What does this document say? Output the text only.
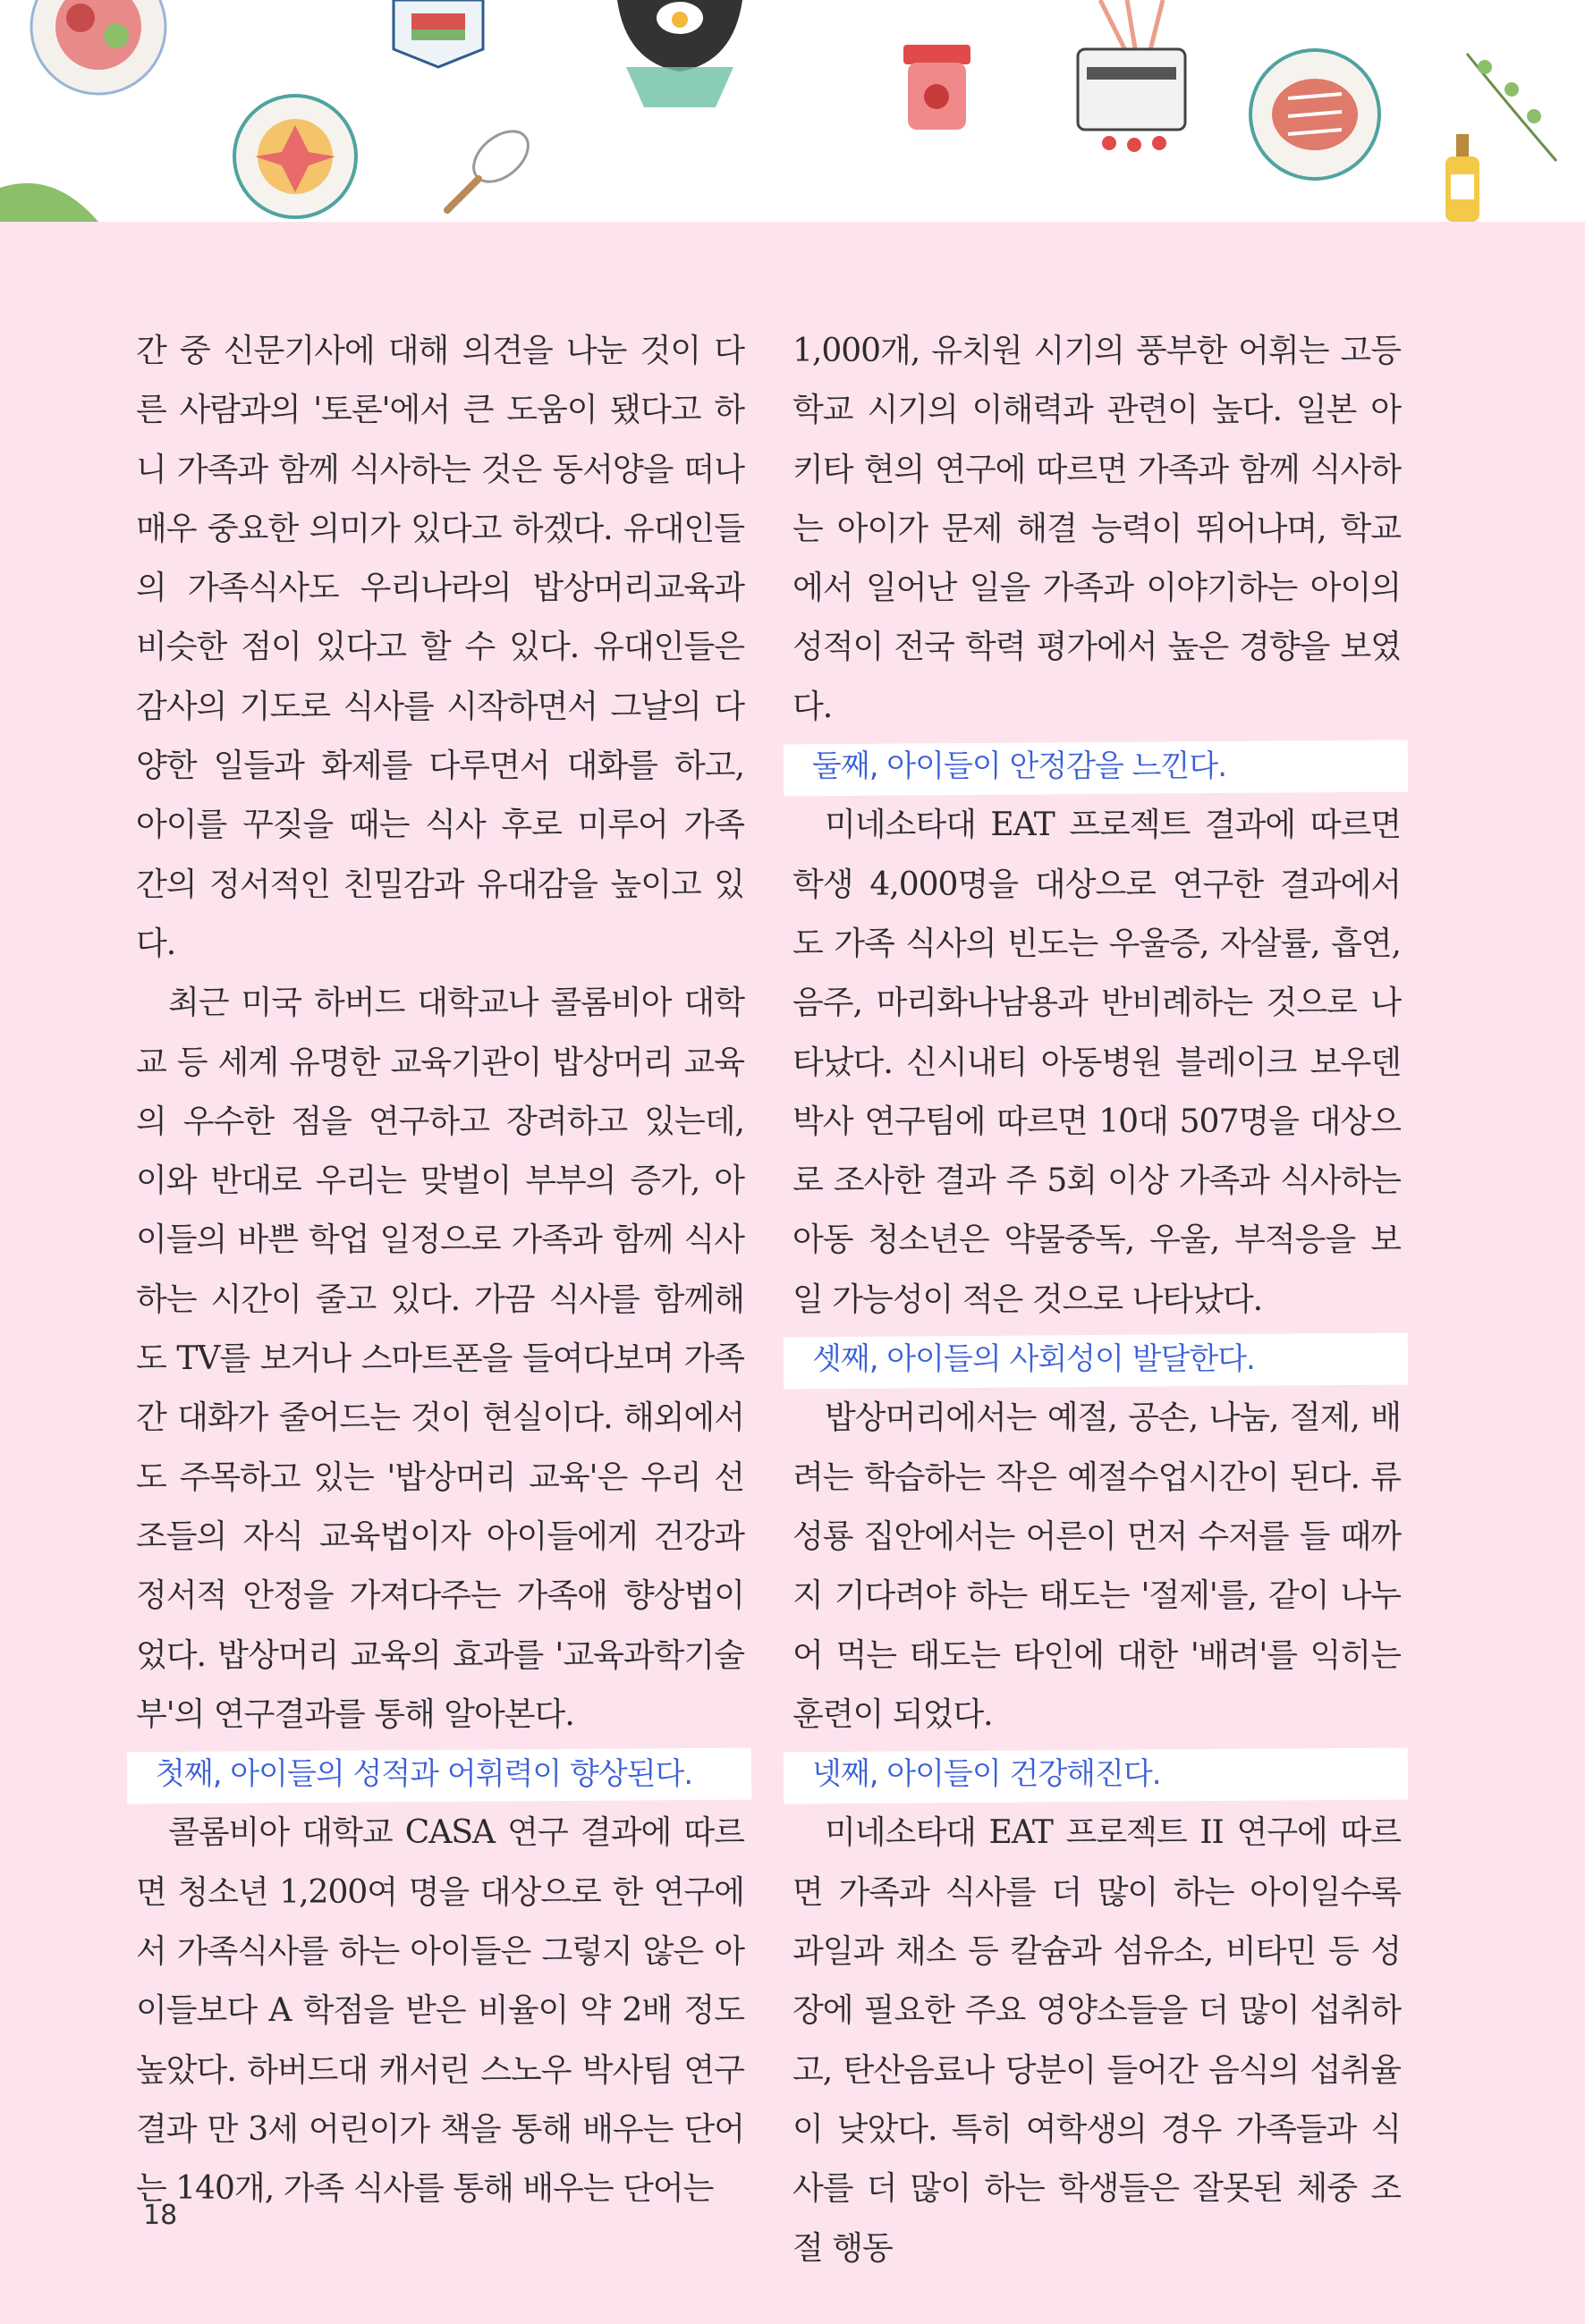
간 중 신문기사에 대해 의견을 나눈 것이 다른 사람과의 '토론'에서 큰 도움이 됐다고 하니 가족과 함께 식사하는 것은 동서양을 떠나 매우 중요한 의미가 있다고 하겠다. 유대인들의 가족식사도 우리나라의 밥상머리교육과 비슷한 점이 있다고 할 수 있다. 유대인들은 감사의 기도로 식사를 시작하면서 그날의 다양한 일들과 화제를 다루면서 대화를 하고, 아이를 꾸짖을 때는 식사 후로 미루어 가족 간의 정서적인 친밀감과 유대감을 높이고 있다.

최근 미국 하버드 대학교나 콜롬비아 대학교 등 세계 유명한 교육기관이 밥상머리 교육의 우수한 점을 연구하고 장려하고 있는데, 이와 반대로 우리는 맞벌이 부부의 증가, 아이들의 바쁜 학업 일정으로 가족과 함께 식사하는 시간이 줄고 있다. 가끔 식사를 함께해도 TV를 보거나 스마트폰을 들여다보며 가족 간 대화가 줄어드는 것이 현실이다. 해외에서도 주목하고 있는 '밥상머리 교육'은 우리 선조들의 자식 교육법이자 아이들에게 건강과 정서적 안정을 가져다주는 가족애 향상법이었다. 밥상머리 교육의 효과를 '교육과학기술부'의 연구결과를 통해 알아본다.

첫째, 아이들의 성적과 어휘력이 향상된다.

콜롬비아 대학교 CASA 연구 결과에 따르면 청소년 1,200여 명을 대상으로 한 연구에서 가족식사를 하는 아이들은 그렇지 않은 아이들보다 A 학점을 받은 비율이 약 2배 정도 높았다. 하버드대 캐서린 스노우 박사팀 연구 결과 만 3세 어린이가 책을 통해 배우는 단어는 140개, 가족 식사를 통해 배우는 단어는

1,000개, 유치원 시기의 풍부한 어휘는 고등학교 시기의 이해력과 관련이 높다. 일본 아키타 현의 연구에 따르면 가족과 함께 식사하는 아이가 문제 해결 능력이 뛰어나며, 학교에서 일어난 일을 가족과 이야기하는 아이의 성적이 전국 학력 평가에서 높은 경향을 보였다.

둘째, 아이들이 안정감을 느낀다.

미네소타대 EAT 프로젝트 결과에 따르면 학생 4,000명을 대상으로 연구한 결과에서도 가족 식사의 빈도는 우울증, 자살률, 흡연, 음주, 마리화나남용과 반비례하는 것으로 나타났다. 신시내티 아동병원 블레이크 보우덴 박사 연구팀에 따르면 10대 507명을 대상으로 조사한 결과 주 5회 이상 가족과 식사하는 아동 청소년은 약물중독, 우울, 부적응을 보일 가능성이 적은 것으로 나타났다.

셋째, 아이들의 사회성이 발달한다.

밥상머리에서는 예절, 공손, 나눔, 절제, 배려는 학습하는 작은 예절수업시간이 된다. 류성룡 집안에서는 어른이 먼저 수저를 들 때까지 기다려야 하는 태도는 '절제'를, 같이 나누어 먹는 태도는 타인에 대한 '배려'를 익히는 훈련이 되었다.

넷째, 아이들이 건강해진다.

미네소타대 EAT 프로젝트 II 연구에 따르면 가족과 식사를 더 많이 하는 아이일수록 과일과 채소 등 칼슘과 섬유소, 비타민 등 성장에 필요한 주요 영양소들을 더 많이 섭취하고, 탄산음료나 당분이 들어간 음식의 섭취율이 낮았다. 특히 여학생의 경우 가족들과 식사를 더 많이 하는 학생들은 잘못된 체중 조절 행동

18
